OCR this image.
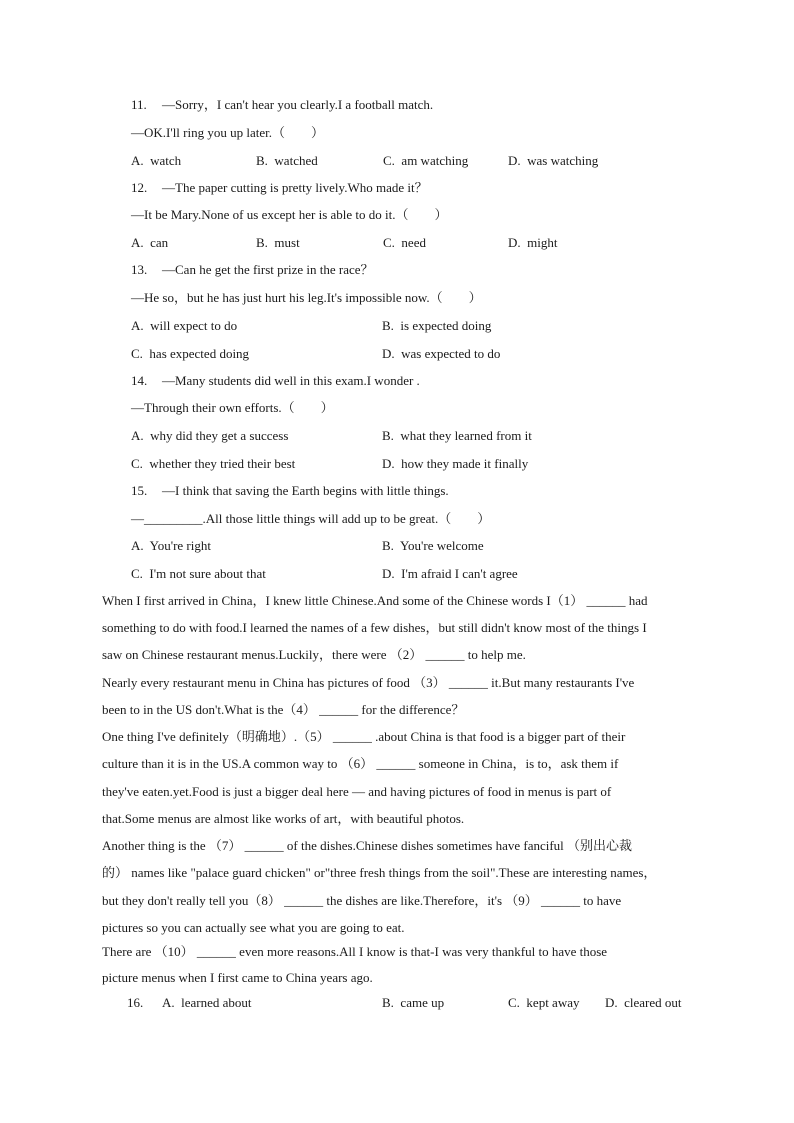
11. —Sorry，I can't hear you clearly.I a football match.
—OK.I'll ring you up later.（　　）
A.  watch	B.  watched	C.  am watching	D.  was watching
12. —The paper cutting is pretty lively.Who made it？
—It be Mary.None of us except her is able to do it.（　　）
A.  can	B.  must	C.  need	D.  might
13. —Can he get the first prize in the race？
—He so，but he has just hurt his leg.It's impossible now.（　　）
A.  will expect to do	B.  is expected doing
C.  has expected doing	D.  was expected to do
14. —Many students did well in this exam.I wonder .
—Through their own efforts.（　　）
A.  why did they get a success	B.  what they learned from it
C.  whether they tried their best	D.  how they made it finally
15. —I think that saving the Earth begins with little things.
—_________.All those little things will add up to be great.（　　）
A.  You're right	B.  You're welcome
C.  I'm not sure about that	D.  I'm afraid I can't agree
When I first arrived in China，I knew little Chinese.And some of the Chinese words I（1） ______ had
something to do with food.I learned the names of a few dishes，but still didn't know most of the things I
saw on Chinese restaurant menus.Luckily，there were （2） ______ to help me.
Nearly every restaurant menu in China has pictures of food （3） ______ it.But many restaurants I've
been to in the US don't.What is the（4） ______ for the difference？
One thing I've definitely（明确地）.（5） ______ .about China is that food is a bigger part of their
culture than it is in the US.A common way to （6） ______ someone in China，is to，ask them if
they've eaten.yet.Food is just a bigger deal here — and having pictures of food in menus is part of
that.Some menus are almost like works of art，with beautiful photos.
Another thing is the （7） ______ of the dishes.Chinese dishes sometimes have fanciful （别出心裁
的） names like "palace guard chicken" or"three fresh things from the soil".These are interesting names，
but they don't really tell you（8） ______ the dishes are like.Therefore，it's （9） ______ to have
pictures so you can actually see what you are going to eat.
There are （10） ______ even more reasons.All I know is that-I was very thankful to have those
picture menus when I first came to China years ago.
16. A.  learned about	B.  came up	C.  kept away D.  cleared out
